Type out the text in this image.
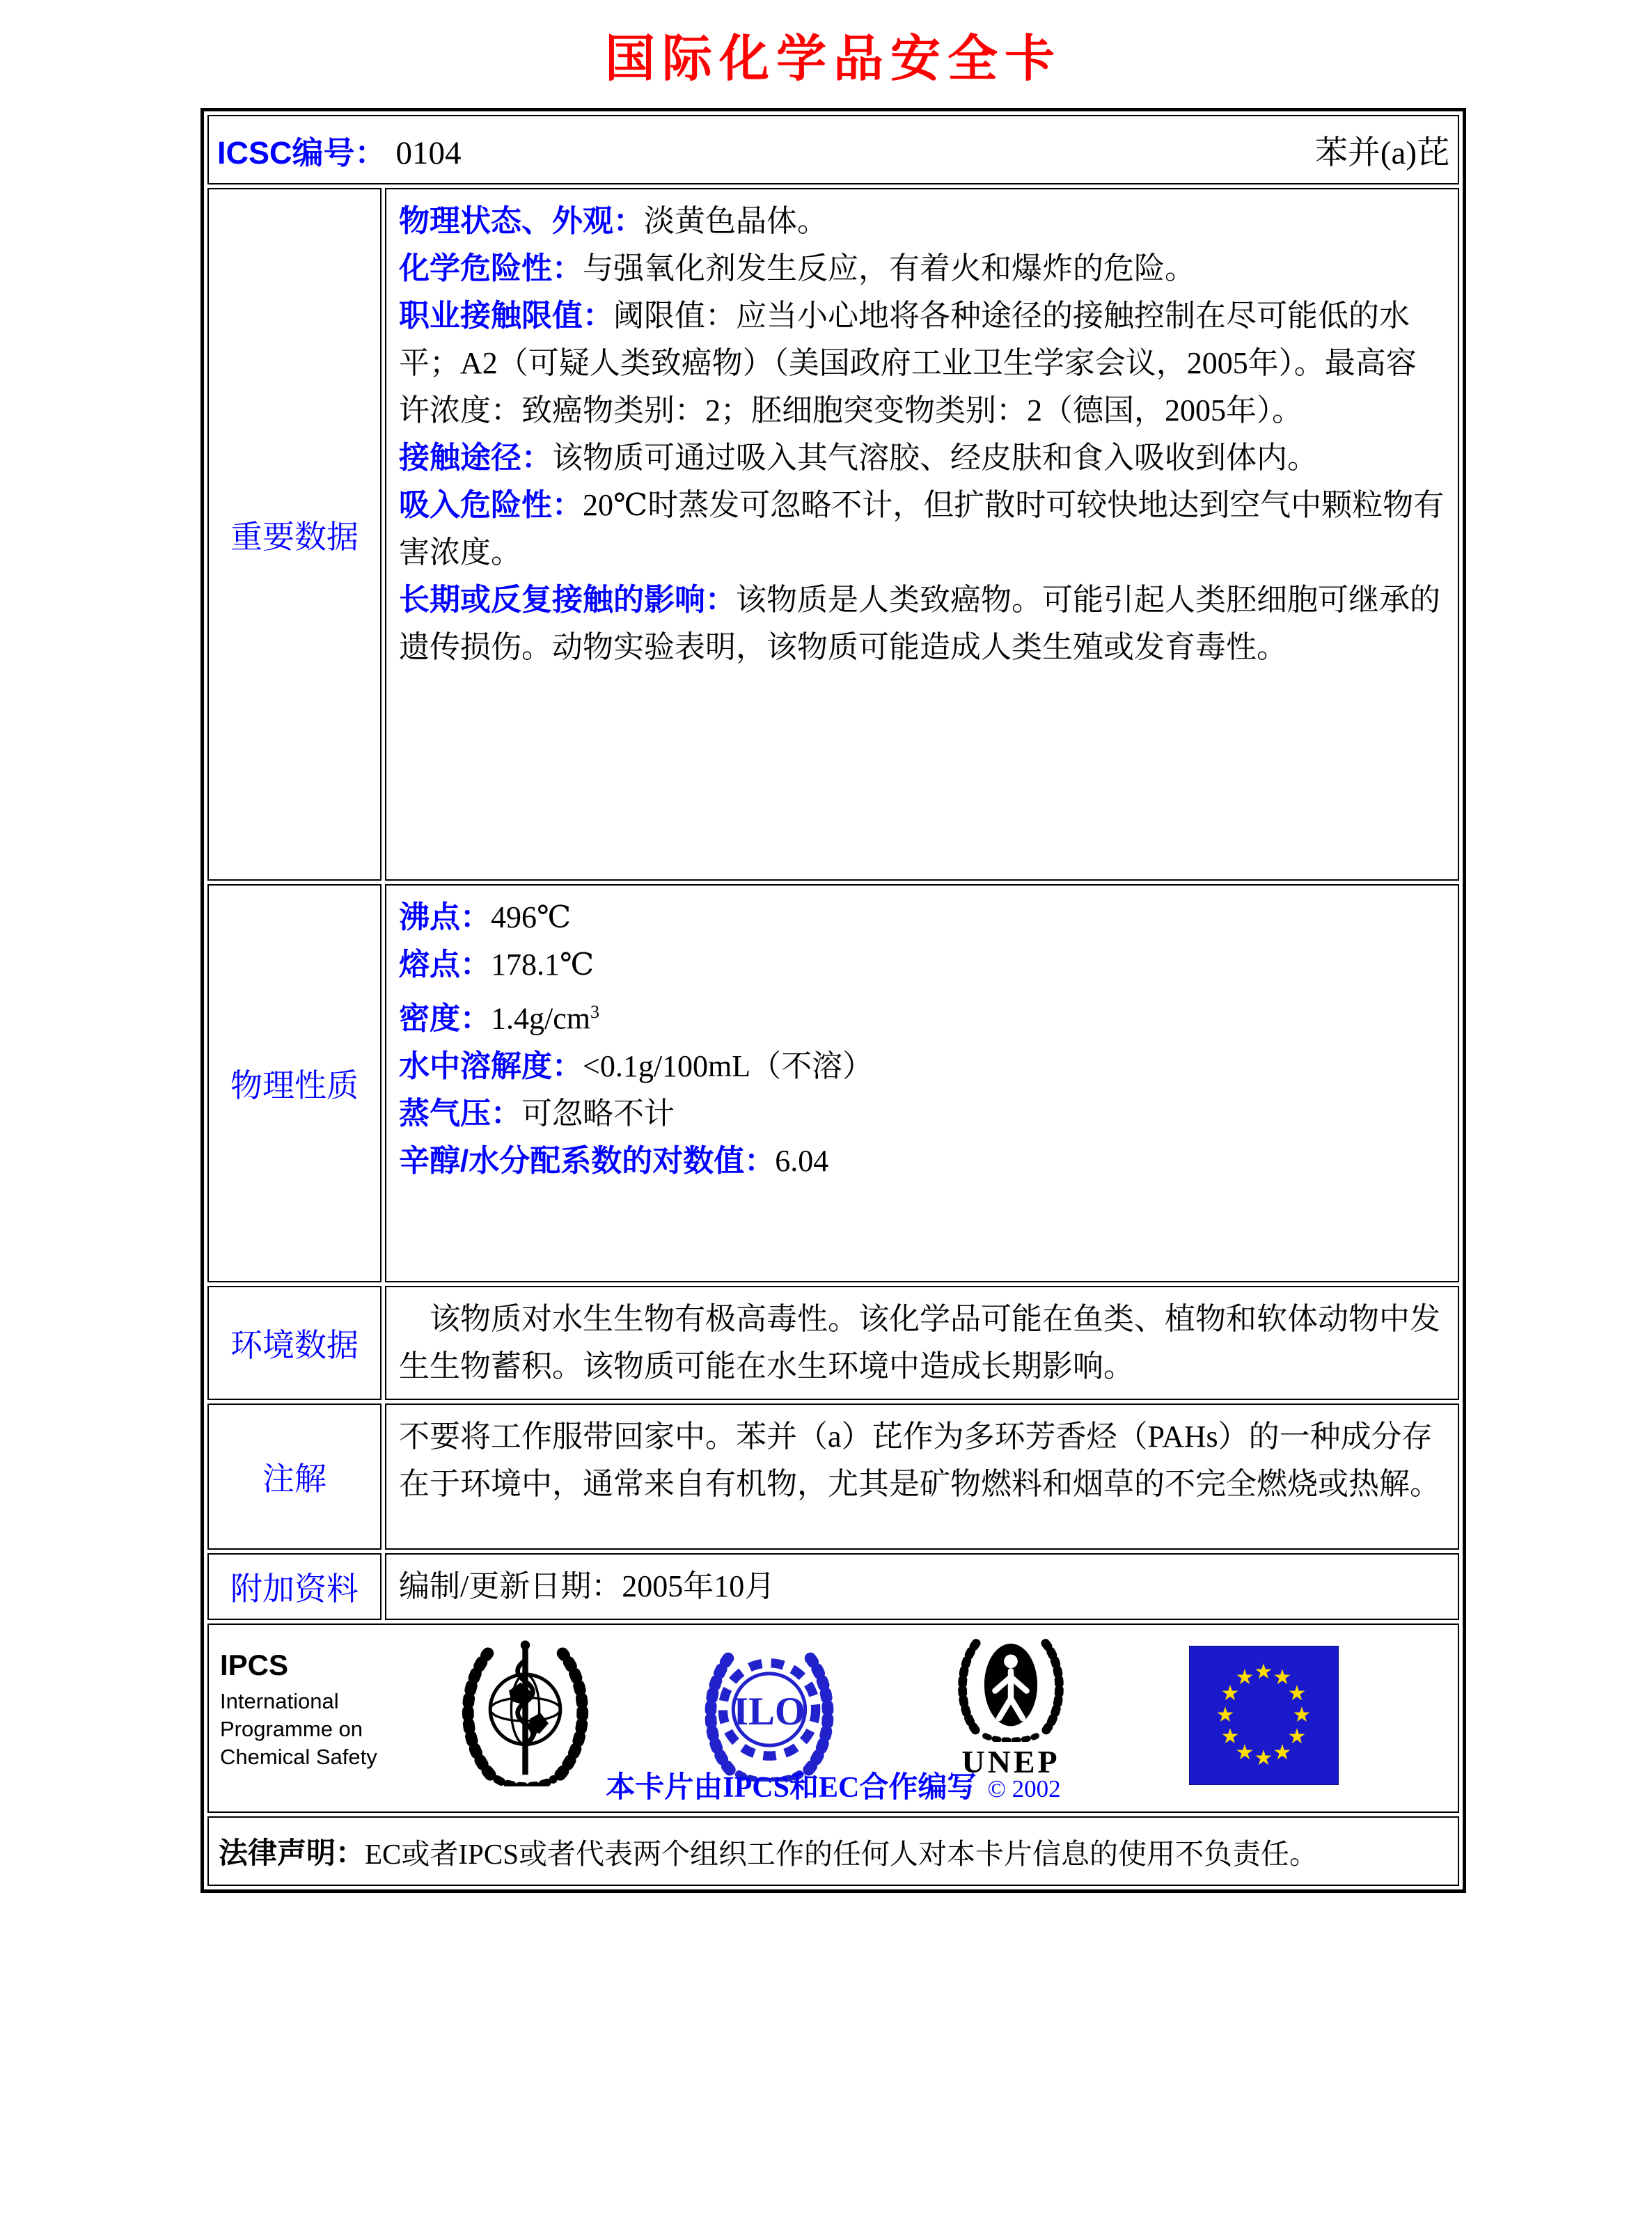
国际化学品安全卡
ICSC编号： 0104	苯并(a)芘
重要数据
物理状态、外观：淡黄色晶体。
化学危险性：与强氧化剂发生反应，有着火和爆炸的危险。
职业接触限值：阈限值：应当小心地将各种途径的接触控制在尽可能低的水平；A2（可疑人类致癌物）（美国政府工业卫生学家会议，2005年）。最高容许浓度：致癌物类别：2；胚细胞突变物类别：2（德国，2005年）。
接触途径：该物质可通过吸入其气溶胶、经皮肤和食入吸收到体内。
吸入危险性：20℃时蒸发可忽略不计，但扩散时可较快地达到空气中颗粒物有害浓度。
长期或反复接触的影响：该物质是人类致癌物。可能引起人类胚细胞可继承的遗传损伤。动物实验表明，该物质可能造成人类生殖或发育毒性。
物理性质
沸点：496℃
熔点：178.1℃
密度：$1.4g/cm^3$
水中溶解度：<0.1g/100mL（不溶）
蒸气压：可忽略不计
辛醇/水分配系数的对数值：6.04
环境数据
　该物质对水生生物有极高毒性。该化学品可能在鱼类、植物和软体动物中发生生物蓄积。该物质可能在水生环境中造成长期影响。
注解
不要将工作服带回家中。苯并（a）芘作为多环芳香烃（PAHs）的一种成分存在于环境中，通常来自有机物，尤其是矿物燃料和烟草的不完全燃烧或热解。
附加资料 编制/更新日期：2005年10月
IPCS
International
Programme on
Chemical Safety
ILO
UNEP
★ ★
★
★
★
★
★
★
★
★
★
★
本卡片由IPCS和EC合作编写 © 2002
法律声明： EC或者IPCS或者代表两个组织工作的任何人对本卡片信息的使用不负责任。
